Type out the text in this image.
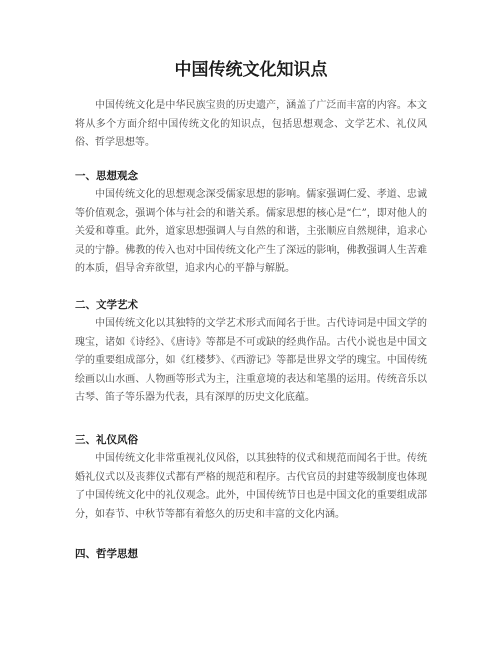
中国传统文化知识点

中国传统文化是中华民族宝贵的历史遗产，涵盖了广泛而丰富的内容。本文将从多个方面介绍中国传统文化的知识点，包括思想观念、文学艺术、礼仪风俗、哲学思想等。

一、思想观念

中国传统文化的思想观念深受儒家思想的影响。儒家强调仁爱、孝道、忠诚等价值观念，强调个体与社会的和谐关系。儒家思想的核心是“仁”，即对他人的关爱和尊重。此外，道家思想强调人与自然的和谐，主张顺应自然规律，追求心灵的宁静。佛教的传入也对中国传统文化产生了深远的影响，佛教强调人生苦难的本质，倡导舍弃欲望，追求内心的平静与解脱。

二、文学艺术

中国传统文化以其独特的文学艺术形式而闻名于世。古代诗词是中国文学的瑰宝，诸如《诗经》、《唐诗》等都是不可或缺的经典作品。古代小说也是中国文学的重要组成部分，如《红楼梦》、《西游记》等都是世界文学的瑰宝。中国传统绘画以山水画、人物画等形式为主，注重意境的表达和笔墨的运用。传统音乐以古琴、笛子等乐器为代表，具有深厚的历史文化底蕴。

三、礼仪风俗

中国传统文化非常重视礼仪风俗，以其独特的仪式和规范而闻名于世。传统婚礼仪式以及丧葬仪式都有严格的规范和程序。古代官员的封建等级制度也体现了中国传统文化中的礼仪观念。此外，中国传统节日也是中国文化的重要组成部分，如春节、中秋节等都有着悠久的历史和丰富的文化内涵。

四、哲学思想
